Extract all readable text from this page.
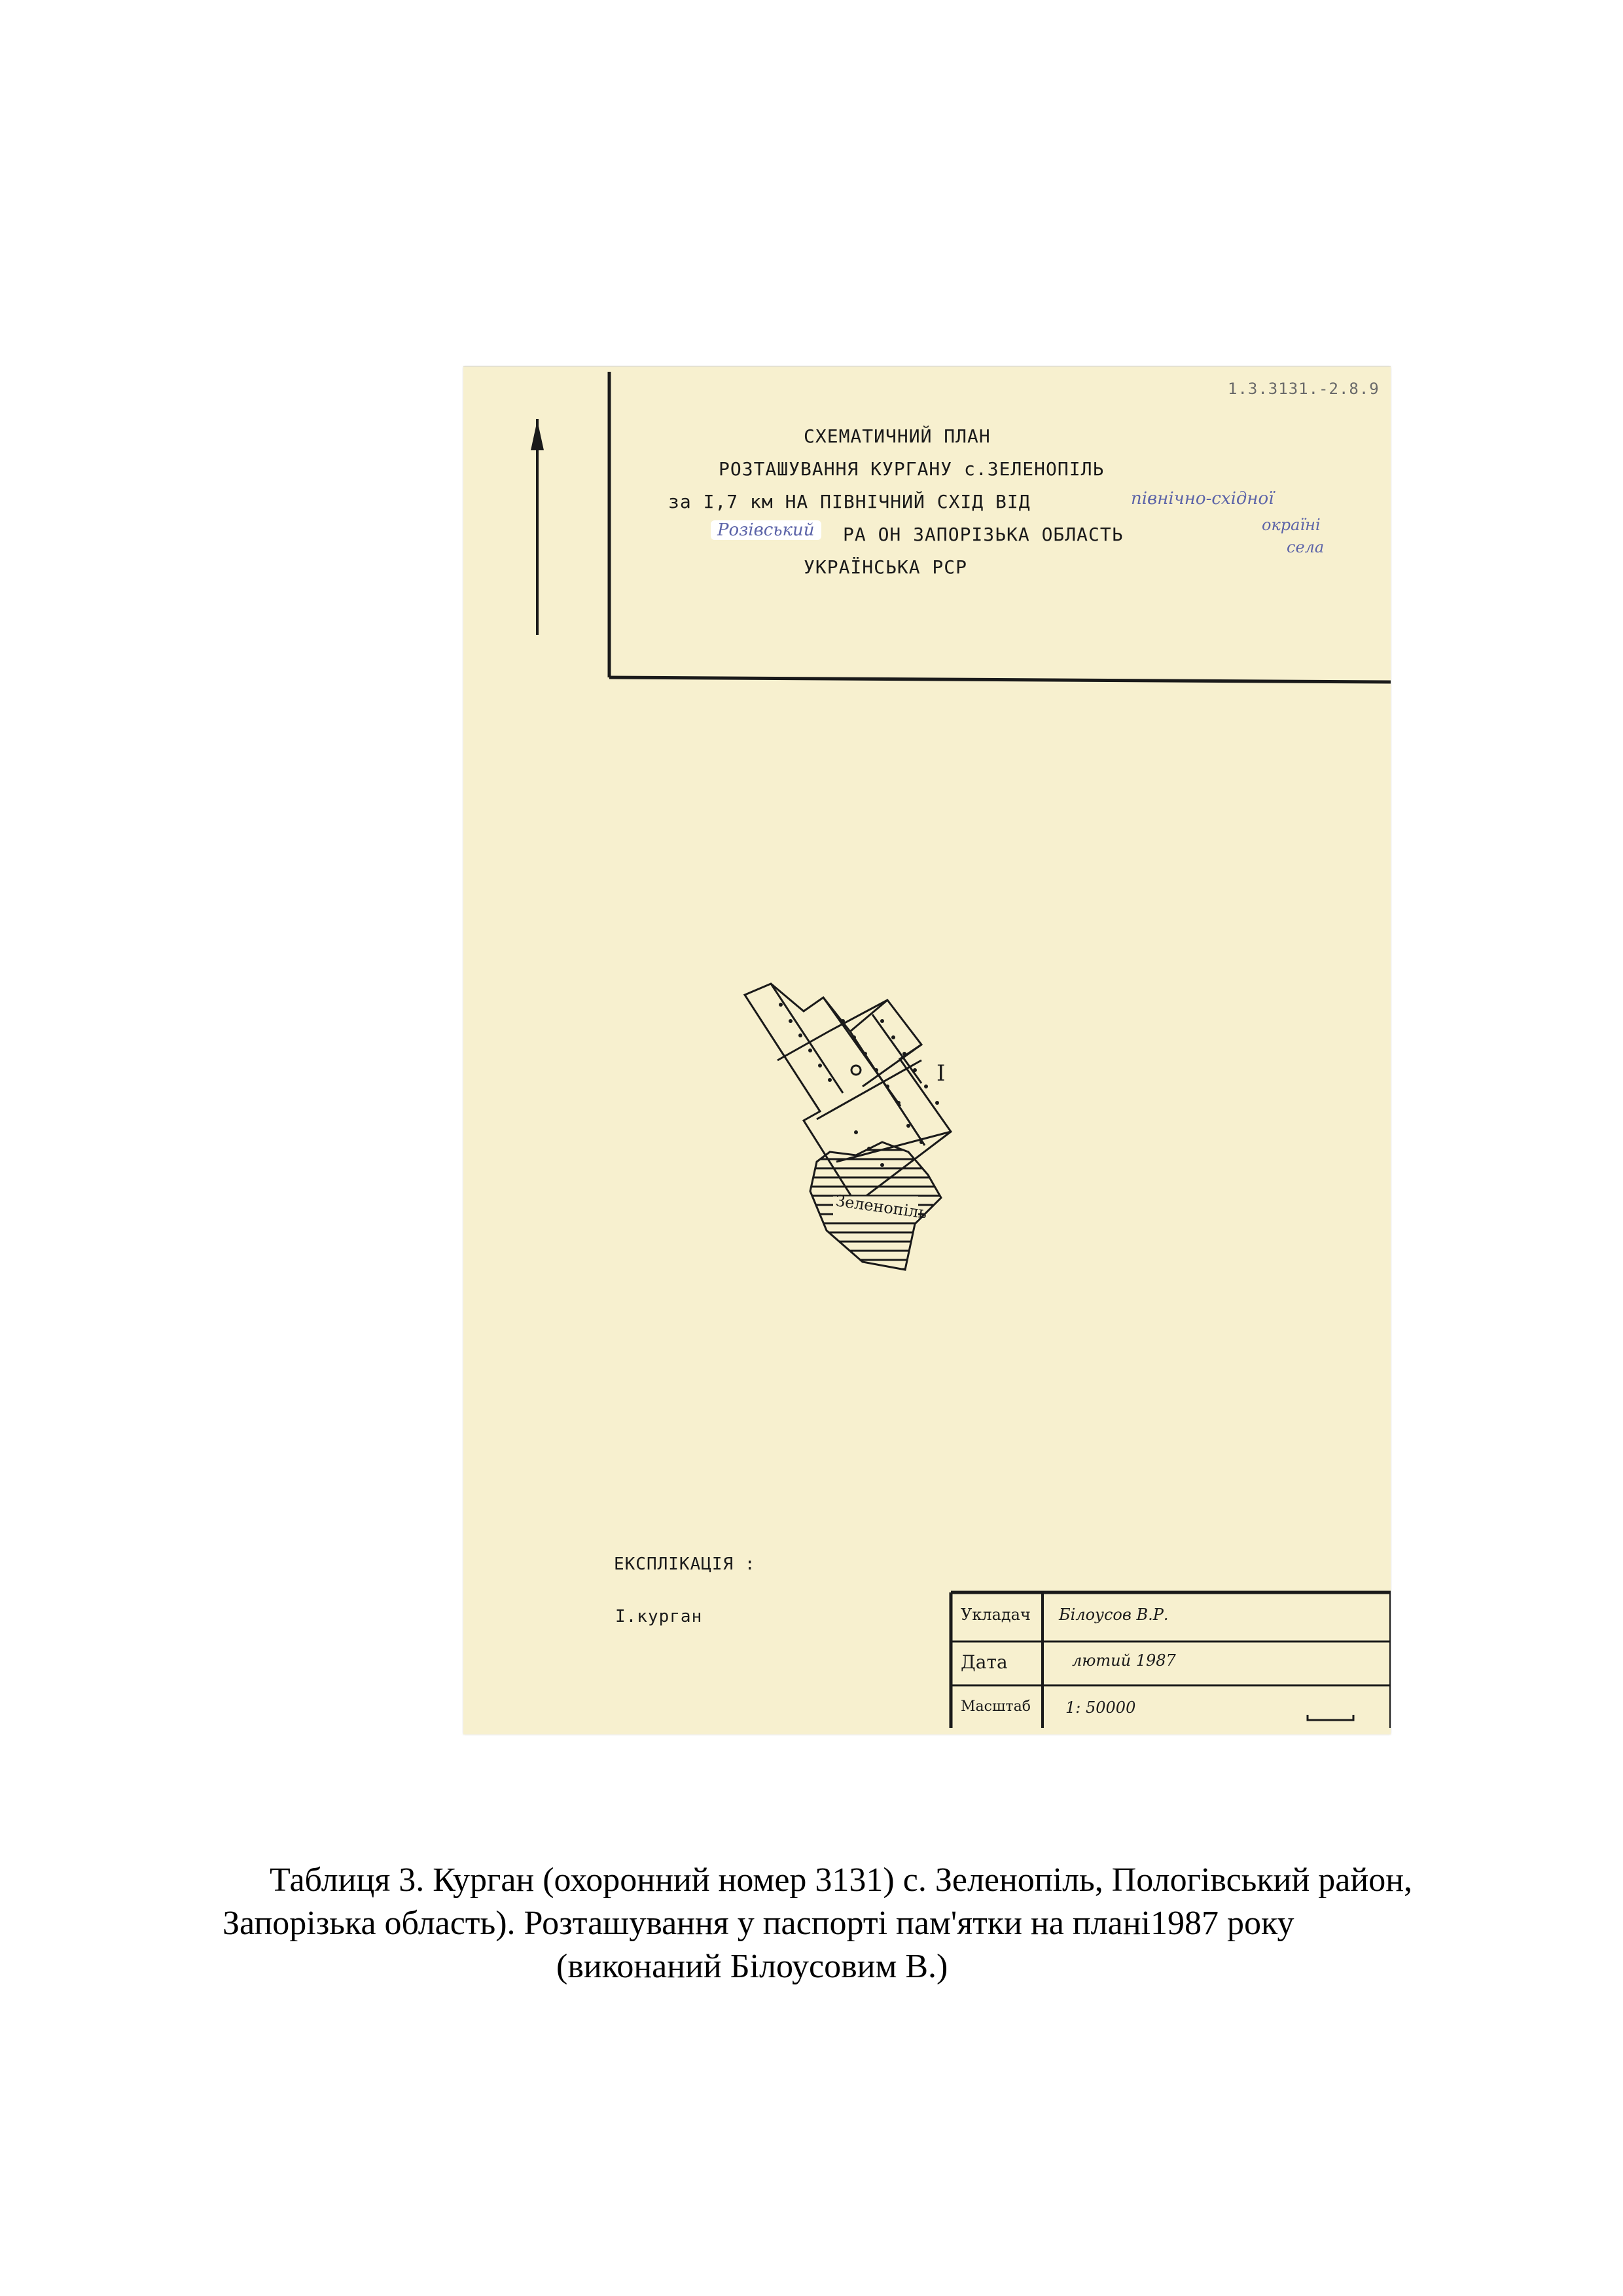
1.3.3131.-2.8.9
СХЕМАТИЧНИЙ ПЛАН
РОЗТАШУВАННЯ КУРГАНУ с.ЗЕЛЕНОПІЛЬ
за І,7 км НА ПІВНІЧНИЙ СХІД ВІД	північно-східної
окраїні
села
Розівський	РА ОН ЗАПОРІЗЬКА ОБЛАСТЬ
УКРАЇНСЬКА РСР
І
Зеленопіль
ЕКСПЛІКАЦІЯ :
І.курган	Укладач Білоусов В.Р.
Дата	лютий 1987
Масштаб 1: 50000
Таблиця 3. Курган (охоронний номер 3131) с. Зеленопіль, Пологівський район,
Запорізька область). Розташування у паспорті пам'ятки на плані1987 року
(виконаний Білоусовим В.)
